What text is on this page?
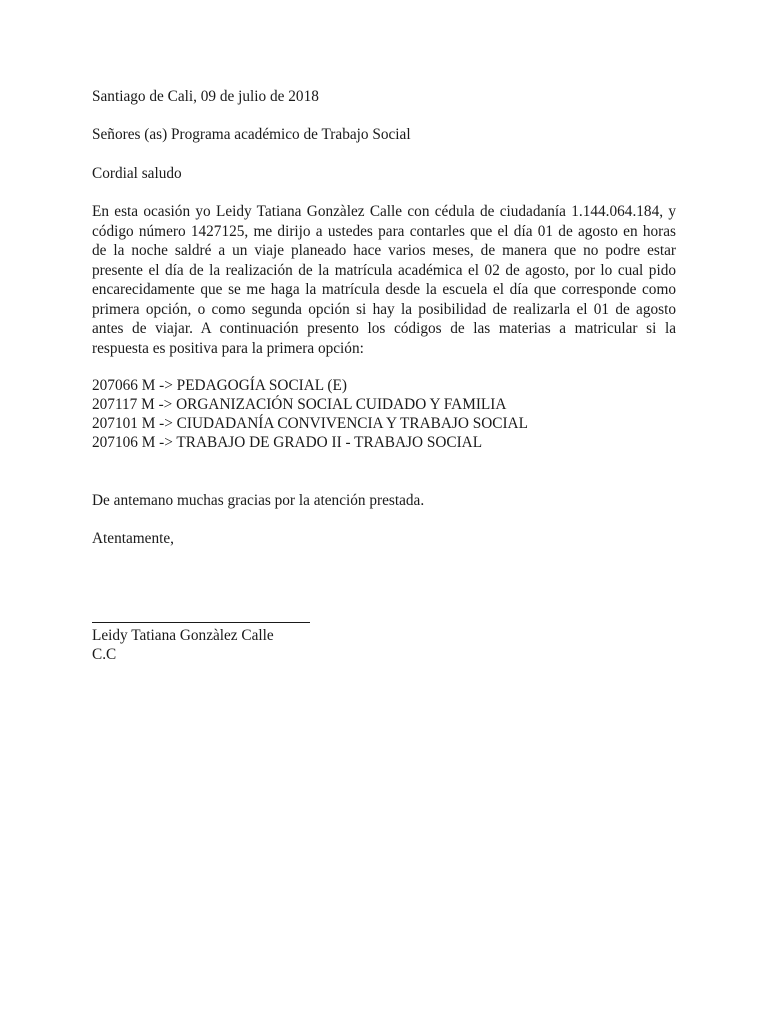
Santiago de Cali, 09 de julio de 2018
Señores (as) Programa académico de Trabajo Social
Cordial saludo
En esta ocasión yo Leidy Tatiana Gonzàlez Calle con cédula de ciudadanía 1.144.064.184, y
código número 1427125, me dirijo a ustedes para contarles que el día 01 de agosto en horas
de la noche saldré a un viaje planeado hace varios meses, de manera que no podre estar
presente el día de la realización de la matrícula académica el 02 de agosto, por lo cual pido
encarecidamente que se me haga la matrícula desde la escuela el día que corresponde como
primera opción, o como segunda opción si hay la posibilidad de realizarla el 01 de agosto
antes de viajar. A continuación presento los códigos de las materias a matricular si la
respuesta es positiva para la primera opción:
207066 M -> PEDAGOGÍA SOCIAL (E)
207117 M -> ORGANIZACIÓN SOCIAL CUIDADO Y FAMILIA
207101 M -> CIUDADANÍA CONVIVENCIA Y TRABAJO SOCIAL
207106 M -> TRABAJO DE GRADO II - TRABAJO SOCIAL
De antemano muchas gracias por la atención prestada.
Atentamente,
Leidy Tatiana Gonzàlez Calle
C.C
